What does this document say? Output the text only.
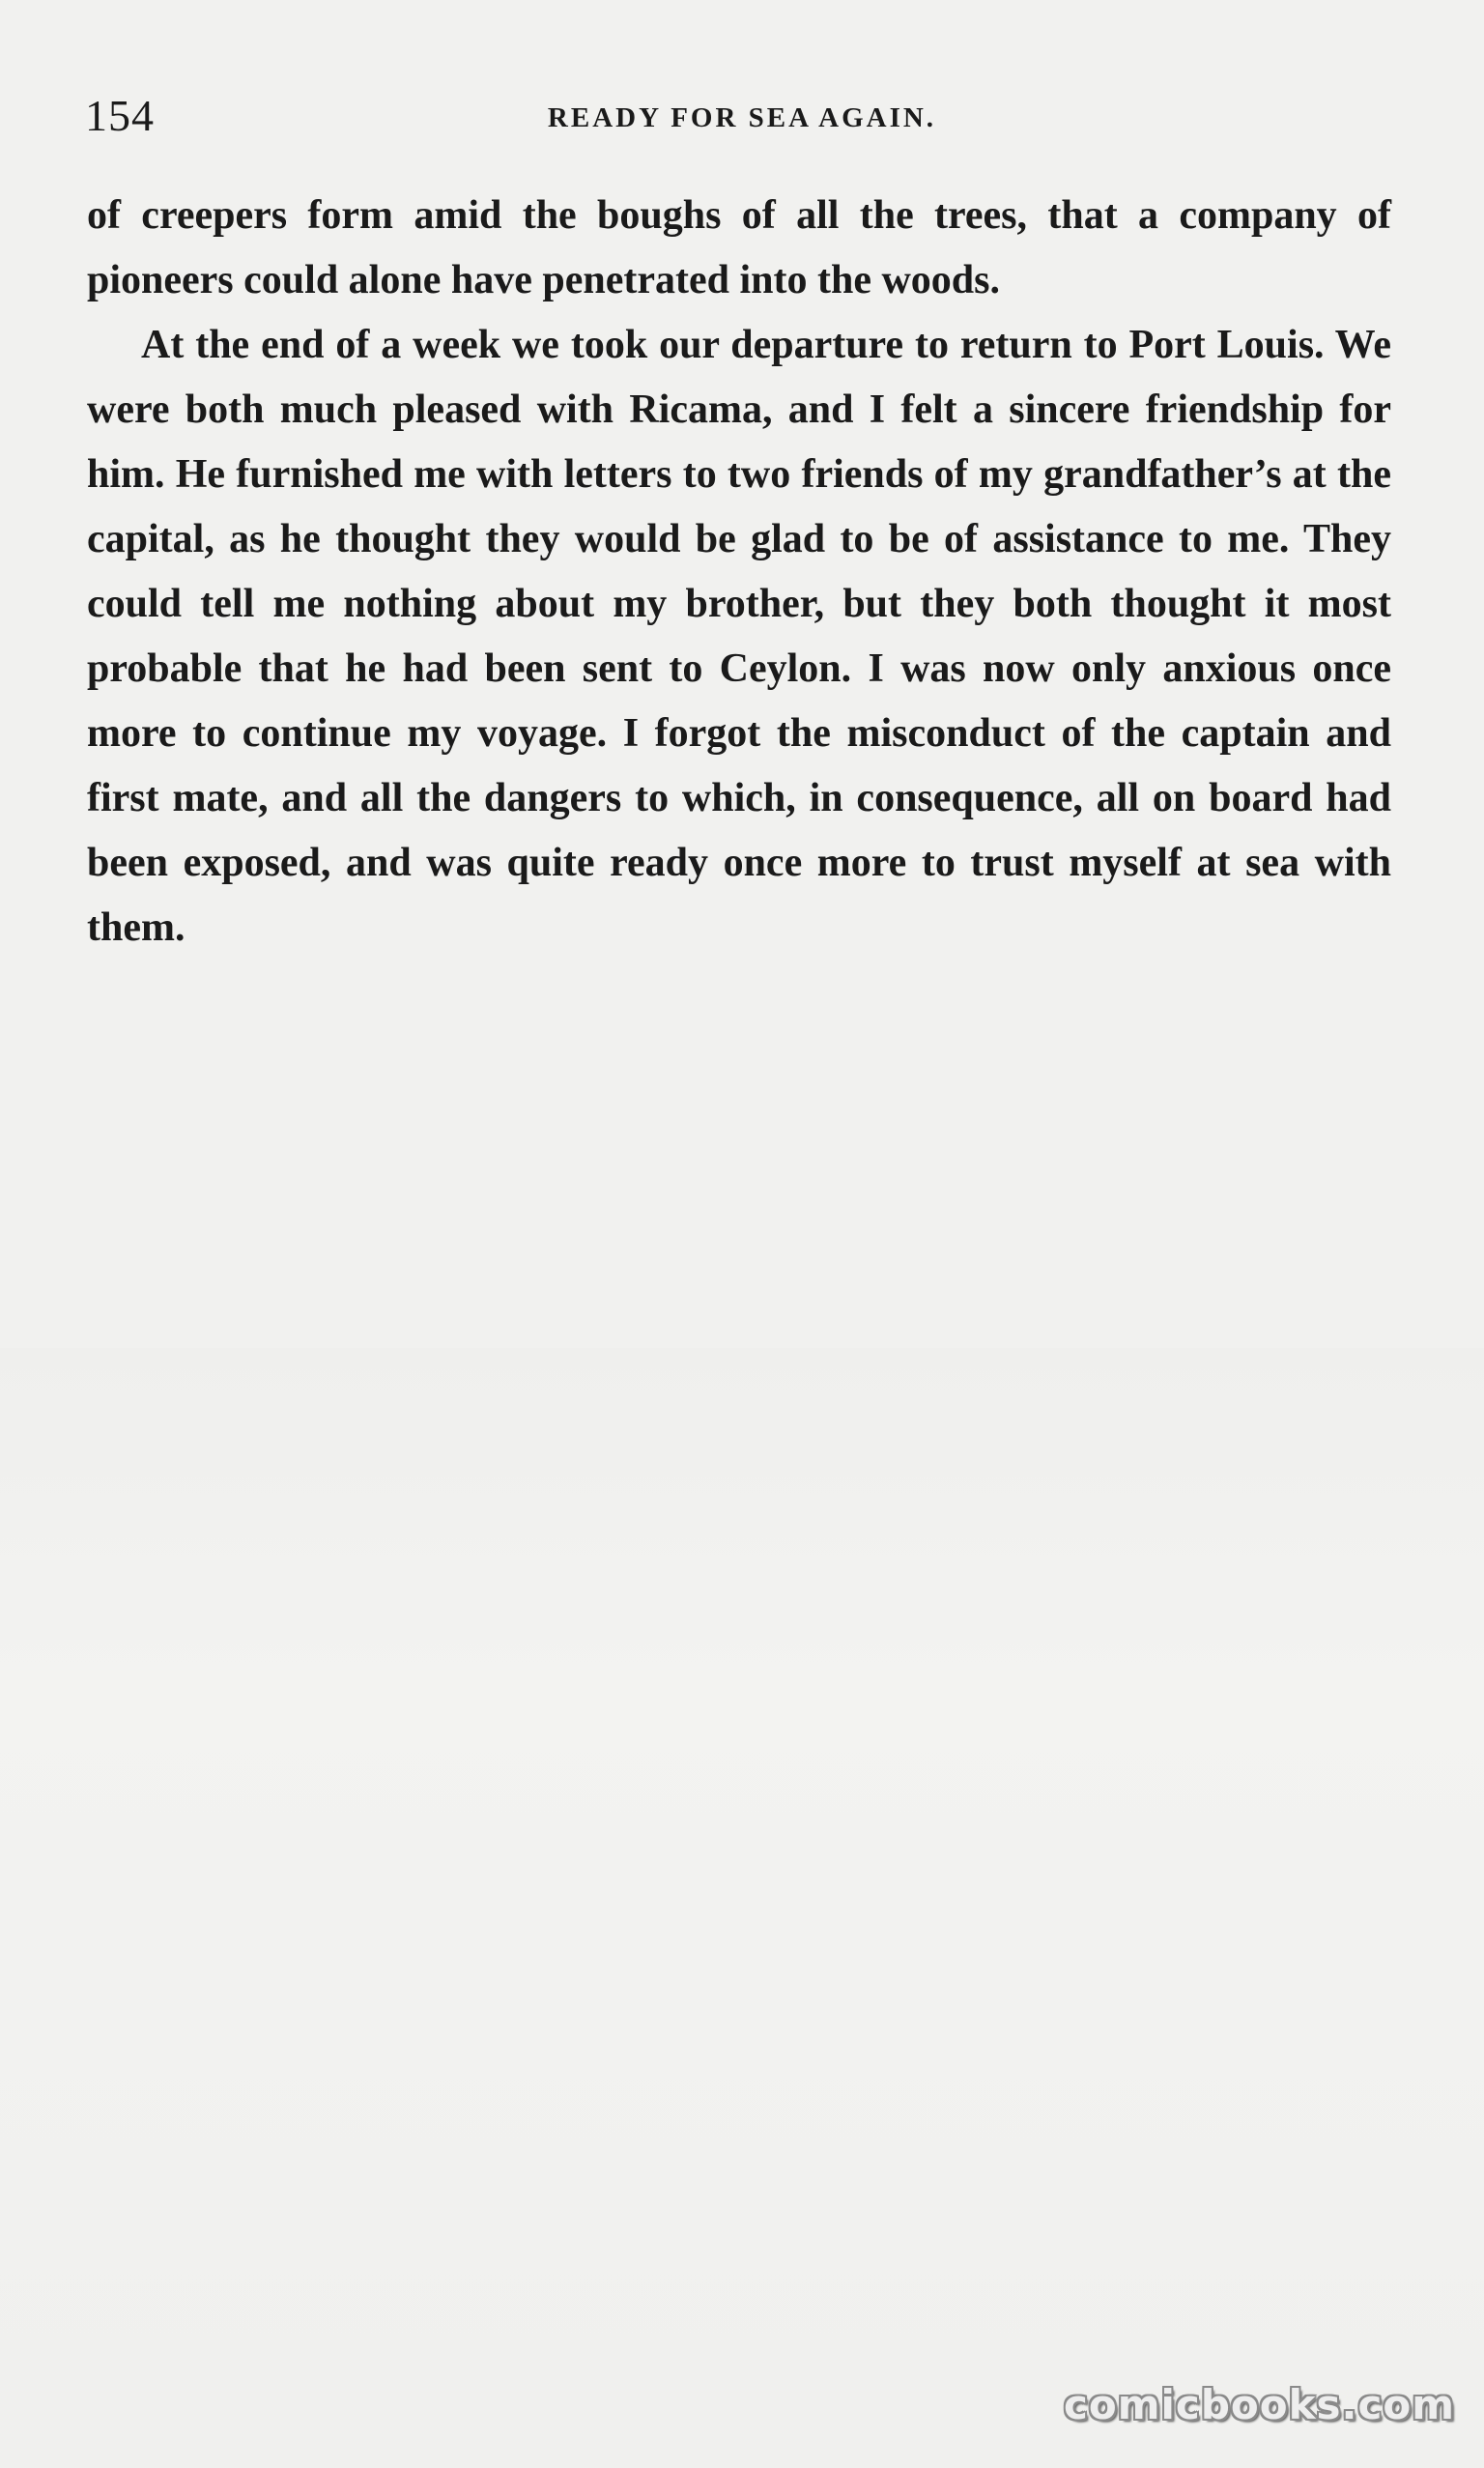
154	READY FOR SEA AGAIN.

of creepers form amid the boughs of all the trees, that a company of pioneers could alone have penetrated into the woods.

At the end of a week we took our departure to return to Port Louis. We were both much pleased with Ricama, and I felt a sincere friendship for him. He furnished me with letters to two friends of my grandfather’s at the capital, as he thought they would be glad to be of assistance to me. They could tell me nothing about my brother, but they both thought it most probable that he had been sent to Ceylon. I was now only anxious once more to continue my voyage. I forgot the misconduct of the captain and first mate, and all the dangers to which, in consequence, all on board had been exposed, and was quite ready once more to trust myself at sea with them.

comicbooks.com
